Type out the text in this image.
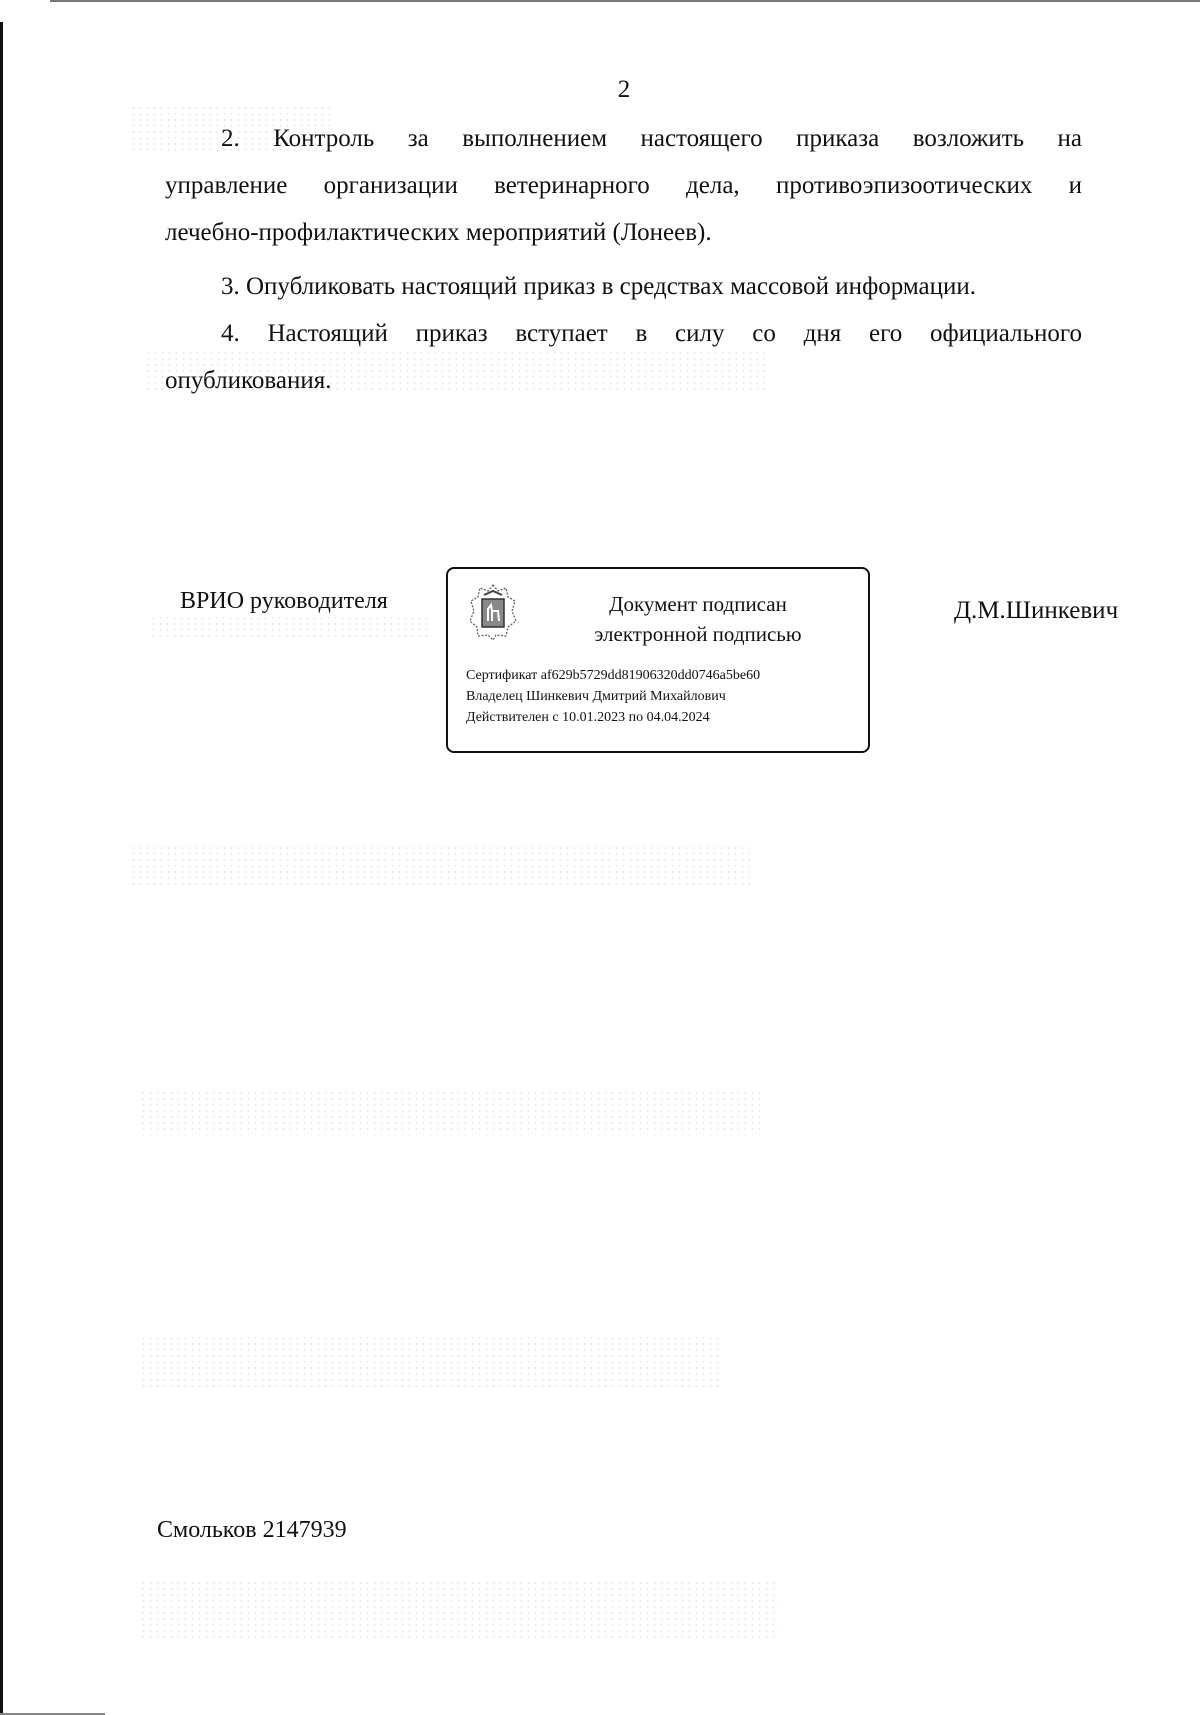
2
2. Контроль за выполнением настоящего приказа возложить на
управление организации ветеринарного дела, противоэпизоотических и
лечебно-профилактических мероприятий (Лонеев).
3. Опубликовать настоящий приказ в средствах массовой информации.
4. Настоящий приказ вступает в силу со дня его официального
опубликования.
ВРИО руководителя	Документ подписан
электронной подписью
Сертификат af629b5729dd81906320dd0746a5be60
Владелец Шинкевич Дмитрий Михайлович
Действителен с 10.01.2023 по 04.04.2024
Д.М.Шинкевич
Смольков 2147939
